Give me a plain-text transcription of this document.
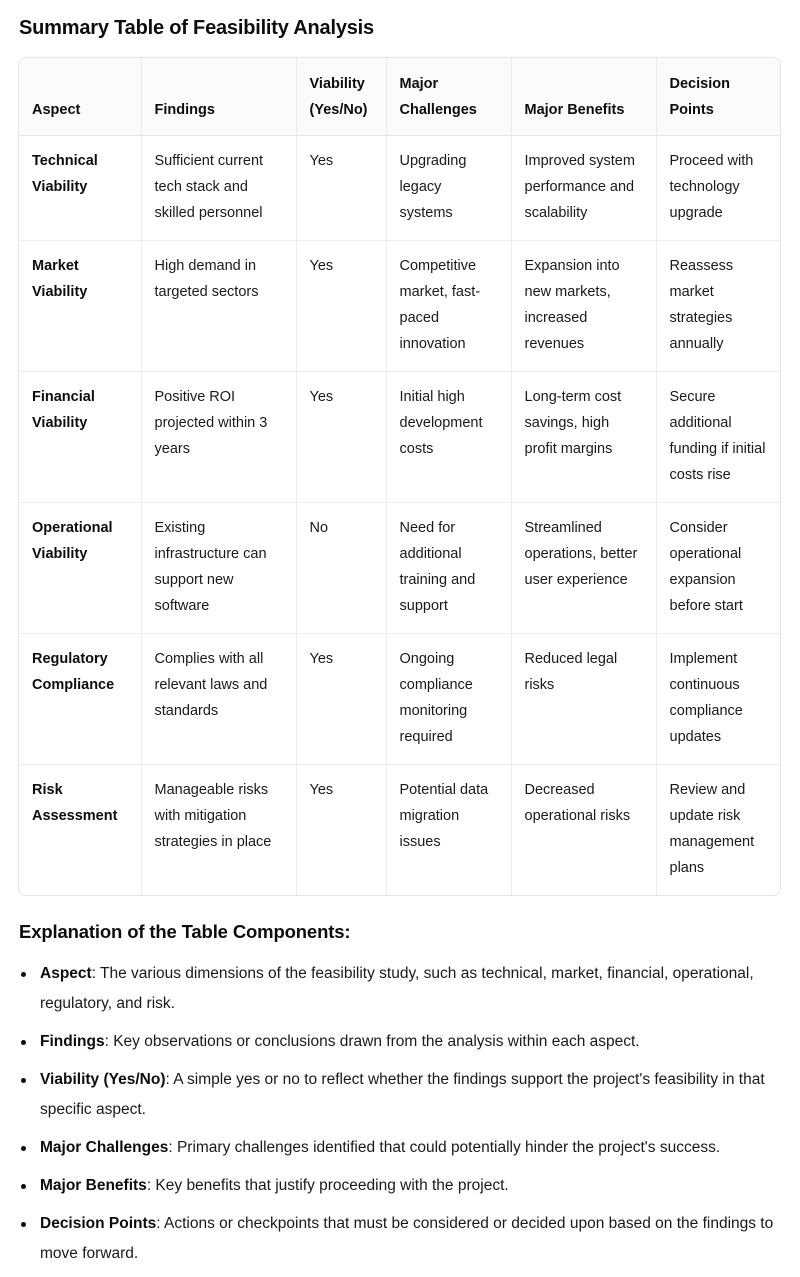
Summary Table of Feasibility Analysis
Aspect	Findings	Viability (Yes/No)	Major Challenges	Major Benefits	Decision Points
Technical Viability	Sufficient current tech stack and skilled personnel	Yes	Upgrading legacy systems	Improved system performance and scalability	Proceed with technology upgrade
Market Viability	High demand in targeted sectors	Yes	Competitive market, fast-paced innovation	Expansion into new markets, increased revenues	Reassess market strategies annually
Financial Viability	Positive ROI projected within 3 years	Yes	Initial high development costs	Long-term cost savings, high profit margins	Secure additional funding if initial costs rise
Operational Viability	Existing infrastructure can support new software	No	Need for additional training and support	Streamlined operations, better user experience	Consider operational expansion before start
Regulatory Compliance	Complies with all relevant laws and standards	Yes	Ongoing compliance monitoring required	Reduced legal risks	Implement continuous compliance updates
Risk Assessment	Manageable risks with mitigation strategies in place	Yes	Potential data migration issues	Decreased operational risks	Review and update risk management plans
Explanation of the Table Components:
Aspect: The various dimensions of the feasibility study, such as technical, market, financial, operational, regulatory, and risk.
Findings: Key observations or conclusions drawn from the analysis within each aspect.
Viability (Yes/No): A simple yes or no to reflect whether the findings support the project's feasibility in that specific aspect.
Major Challenges: Primary challenges identified that could potentially hinder the project's success.
Major Benefits: Key benefits that justify proceeding with the project.
Decision Points: Actions or checkpoints that must be considered or decided upon based on the findings to move forward.
